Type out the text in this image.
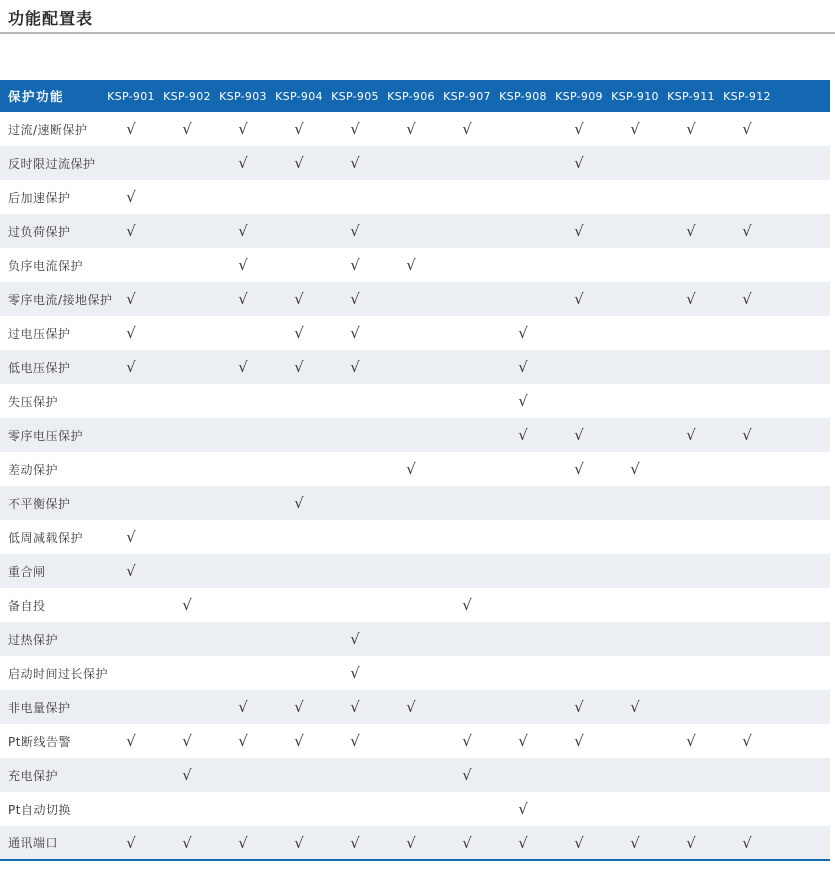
功能配置表
保护功能	KSP-901	KSP-902	KSP-903	KSP-904	KSP-905	KSP-906	KSP-907	KSP-908	KSP-909	KSP-910	KSP-911	KSP-912	
过流/速断保护	√	√	√	√	√	√	√		√	√	√	√	
反时限过流保护			√	√	√				√				
后加速保护	√												
过负荷保护	√		√		√				√		√	√	
负序电流保护			√		√	√							
零序电流/接地保护	√		√	√	√				√		√	√	
过电压保护	√			√	√			√					
低电压保护	√		√	√	√			√					
失压保护								√					
零序电压保护								√	√		√	√	
差动保护						√			√	√			
不平衡保护				√									
低周减载保护	√												
重合闸	√												
备自投		√					√						
过热保护					√								
启动时间过长保护					√								
非电量保护			√	√	√	√			√	√			
Pt断线告警	√	√	√	√	√		√	√	√		√	√	
充电保护		√					√						
Pt自动切换								√					
通讯端口	√	√	√	√	√	√	√	√	√	√	√	√	
